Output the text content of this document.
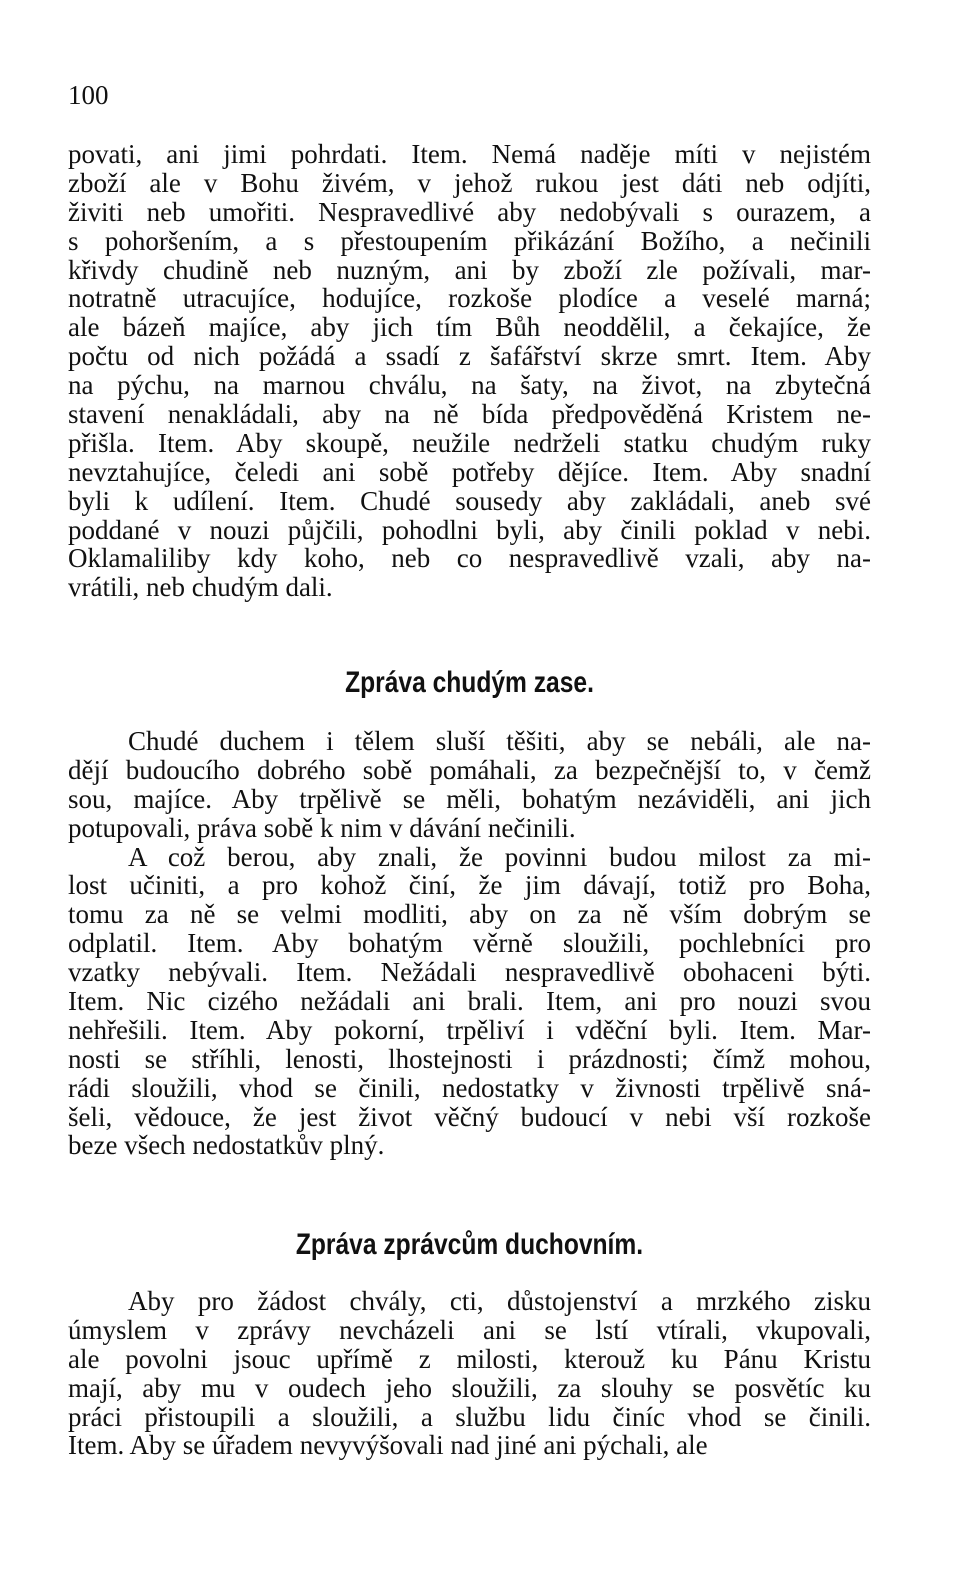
100
povati, ani jimi pohrdati. Item. Nemá naděje míti v nejistém
zboží ale v Bohu živém, v jehož rukou jest dáti neb odjíti,
živiti neb umořiti. Nespravedlivé aby nedobývali s ourazem, a
s pohoršením, a s přestoupením přikázání Božího, a nečinili
křivdy chudině neb nuzným, ani by zboží zle požívali, mar-
notratně utracujíce, hodujíce, rozkoše plodíce a veselé marná;
ale bázeň majíce, aby jich tím Bůh neoddělil, a čekajíce, že
počtu od nich požádá a ssadí z šafářství skrze smrt. Item. Aby
na pýchu, na marnou chválu, na šaty, na život, na zbytečná
stavení nenakládali, aby na ně bída předpověděná Kristem ne-
přišla. Item. Aby skoupě, neužile nedrželi statku chudým ruky
nevztahujíce, čeledi ani sobě potřeby dějíce. Item. Aby snadní
byli k udílení. Item. Chudé sousedy aby zakládali, aneb své
poddané v nouzi půjčili, pohodlni byli, aby činili poklad v nebi.
Oklamaliliby kdy koho, neb co nespravedlivě vzali, aby na-
vrátili, neb chudým dali.
Zpráva chudým zase.
Chudé duchem i tělem sluší těšiti, aby se nebáli, ale na-
dějí budoucího dobrého sobě pomáhali, za bezpečnější to, v čemž
sou, majíce. Aby trpělivě se měli, bohatým nezáviděli, ani jich
potupovali, práva sobě k nim v dávání nečinili.
A což berou, aby znali, že povinni budou milost za mi-
lost učiniti, a pro kohož činí, že jim dávají, totiž pro Boha,
tomu za ně se velmi modliti, aby on za ně vším dobrým se
odplatil. Item. Aby bohatým věrně sloužili, pochlebníci pro
vzatky nebývali. Item. Nežádali nespravedlivě obohaceni býti.
Item. Nic cizého nežádali ani brali. Item, ani pro nouzi svou
nehřešili. Item. Aby pokorní, trpěliví i vděční byli. Item. Mar-
nosti se stříhli, lenosti, lhostejnosti i prázdnosti; čímž mohou,
rádi sloužili, vhod se činili, nedostatky v živnosti trpělivě sná-
šeli, vědouce, že jest život věčný budoucí v nebi vší rozkoše
beze všech nedostatkův plný.
Zpráva zprávcům duchovním.
Aby pro žádost chvály, cti, důstojenství a mrzkého zisku
úmyslem v zprávy nevcházeli ani se lstí vtírali, vkupovali,
ale povolni jsouc upřímě z milosti, kterouž ku Pánu Kristu
mají, aby mu v oudech jeho sloužili, za slouhy se posvětíc ku
práci přistoupili a sloužili, a službu lidu činíc vhod se činili.
Item. Aby se úřadem nevyvýšovali nad jiné ani pýchali, ale
